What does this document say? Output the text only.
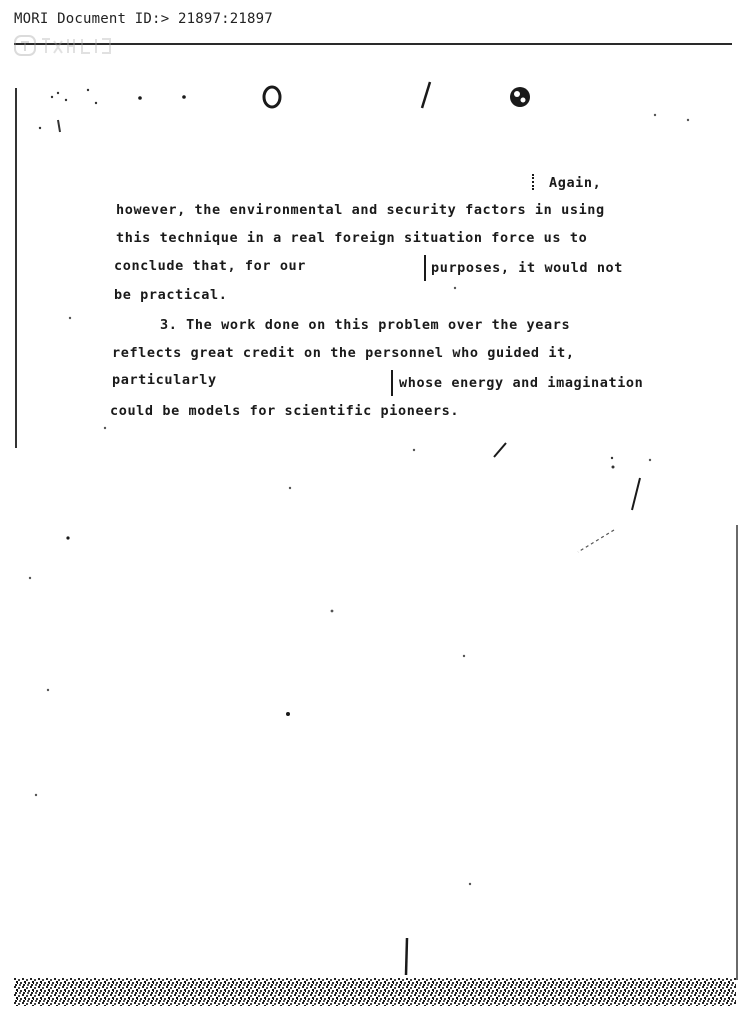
MORI Document ID:> 21897:21897
Again,
however, the environmental and security factors in using
this technique in a real foreign situation force us to
conclude that, for our	purposes, it would not
be practical.
3. The work done on this problem over the years
reflects great credit on the personnel who guided it,
particularly	whose energy and imagination
could be models for scientific pioneers.
